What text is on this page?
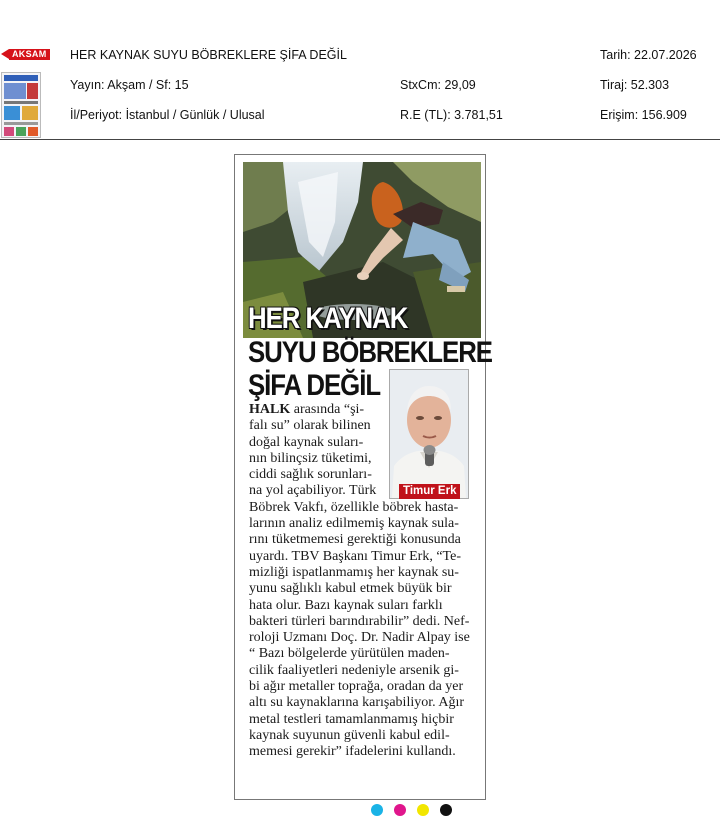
AKSAM HER KAYNAK SUYU BÖBREKLERE ŞİFA DEĞİL	Tarih: 22.07.2026
Yayın: Akşam / Sf: 15	StxCm: 29,09	Tiraj: 52.303
İl/Periyot: İstanbul / Günlük / Ulusal	R.E (TL): 3.781,51	Erişim: 156.909
HER KAYNAK
SUYU BÖBREKLERE
ŞİFA DEĞİL
Timur Erk
HALK arasında “şi-
falı su” olarak bilinen
doğal kaynak suları-
nın bilinçsiz tüketimi,
ciddi sağlık sorunları-
na yol açabiliyor. Türk
Böbrek Vakfı, özellikle böbrek hasta-
larının analiz edilmemiş kaynak sula-
rını tüketmemesi gerektiği konusunda
uyardı. TBV Başkanı Timur Erk, “Te-
mizliği ispatlanmamış her kaynak su-
yunu sağlıklı kabul etmek büyük bir
hata olur. Bazı kaynak suları farklı
bakteri türleri barındırabilir” dedi. Nef-
roloji Uzmanı Doç. Dr. Nadir Alpay ise
“ Bazı bölgelerde yürütülen maden-
cilik faaliyetleri nedeniyle arsenik gi-
bi ağır metaller toprağa, oradan da yer
altı su kaynaklarına karışabiliyor. Ağır
metal testleri tamamlanmamış hiçbir
kaynak suyunun güvenli kabul edil-
memesi gerekir” ifadelerini kullandı.
